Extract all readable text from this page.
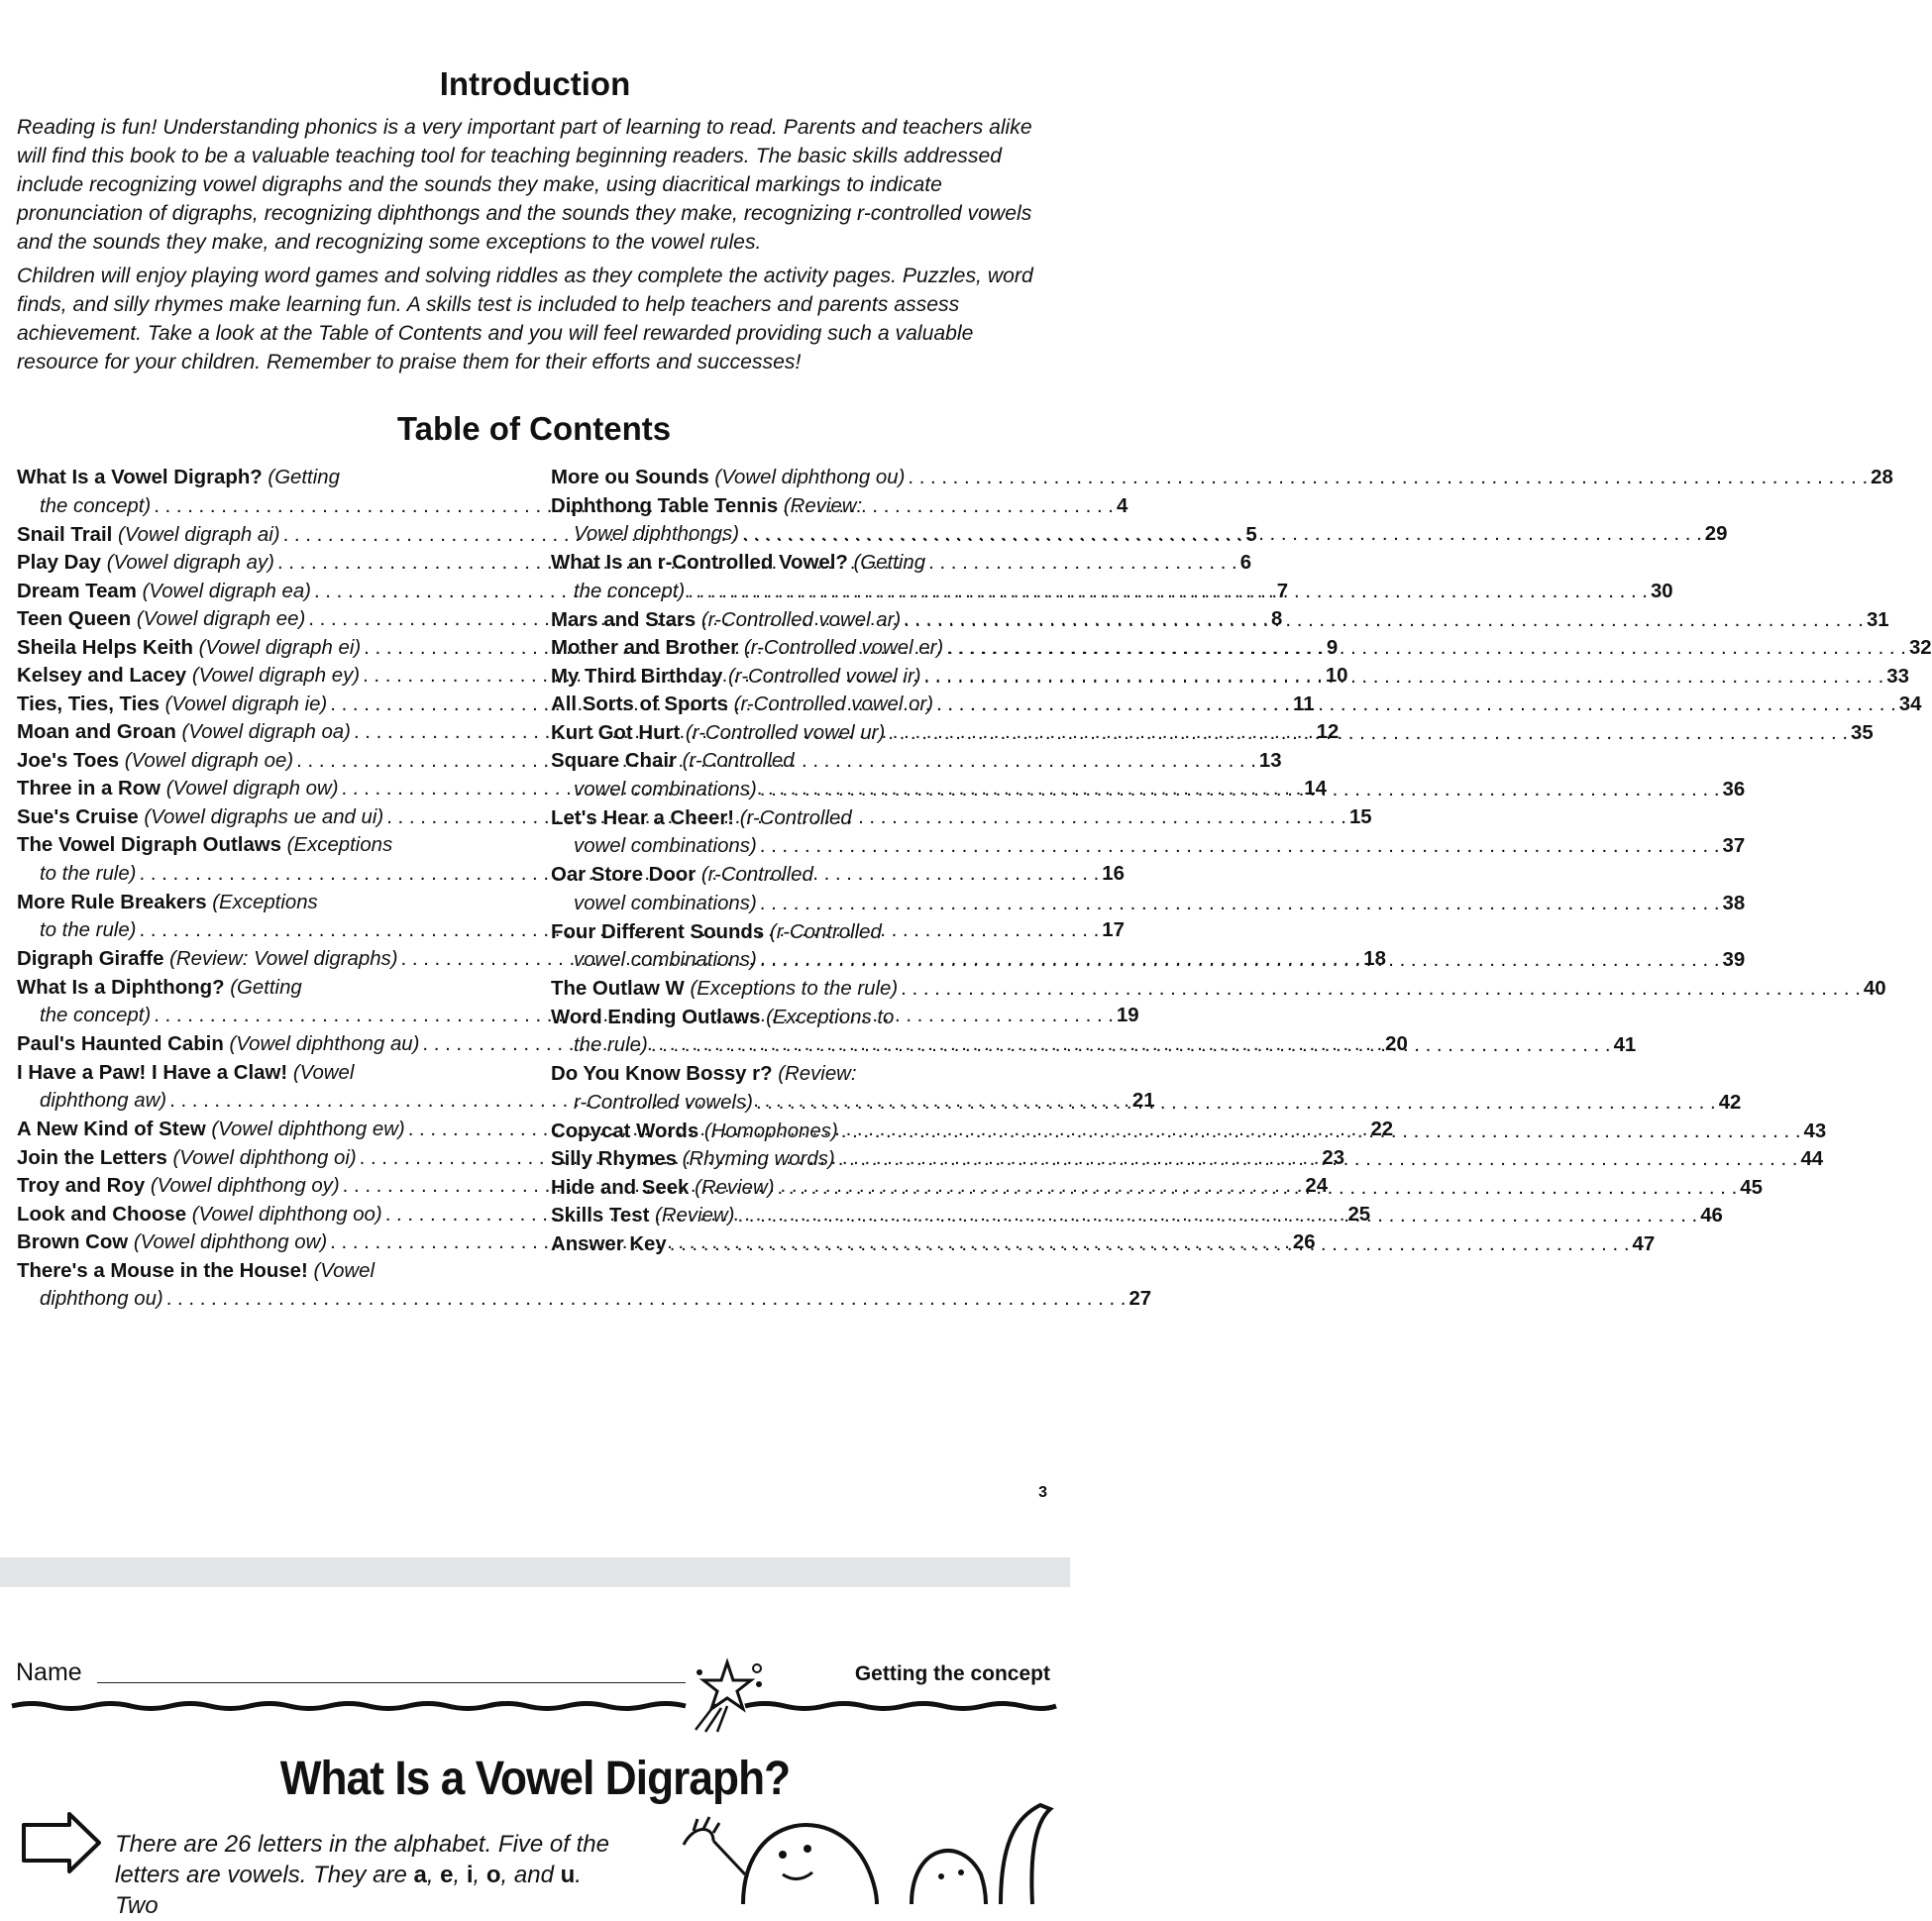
Introduction

Reading is fun! Understanding phonics is a very important part of learning to read. Parents and teachers alike will find this book to be a valuable teaching tool for teaching beginning readers. The basic skills addressed include recognizing vowel digraphs and the sounds they make, using diacritical markings to indicate pronunciation of digraphs, recognizing diphthongs and the sounds they make, recognizing r-controlled vowels and the sounds they make, and recognizing some exceptions to the vowel rules.

Children will enjoy playing word games and solving riddles as they complete the activity pages. Puzzles, word finds, and silly rhymes make learning fun. A skills test is included to help teachers and parents assess achievement. Take a look at the Table of Contents and you will feel rewarded providing such a valuable resource for your children. Remember to praise them for their efforts and successes!

Table of Contents
What Is a Vowel Digraph? (Getting
the concept) . . .	4
Snail Trail
(Vowel digraph ai) . . .	5
Play Day
(Vowel digraph ay) . . .	6
Dream Team
(Vowel digraph ea) . . .	7
Teen Queen
(Vowel digraph ee) . . .	8
Sheila Helps Keith
(Vowel digraph ei) . . .	9
Kelsey and Lacey
(Vowel digraph ey) . . .	10
Ties, Ties, Ties
(Vowel digraph ie) . . .	11
Moan and Groan
(Vowel digraph oa) . . .	12
Joe's Toes
(Vowel digraph oe) . . .	13
Three in a Row
(Vowel digraph ow) . . .	14
Sue's Cruise
(Vowel digraphs ue and ui) . . .	15
The Vowel Digraph Outlaws (Exceptions
to the rule) . . .	16
More Rule Breakers (Exceptions
to the rule) . . .	17
Digraph Giraffe
(Review: Vowel digraphs) . . .	18
What Is a Diphthong? (Getting
the concept) . . .	19
Paul's Haunted Cabin
(Vowel diphthong au) . . .	20
I Have a Paw! I Have a Claw! (Vowel
diphthong aw) . . .	21
A New Kind of Stew
(Vowel diphthong ew) . . .	22
Join the Letters
(Vowel diphthong oi) . . .	23
Troy and Roy
(Vowel diphthong oy) . . .	24
Look and Choose
(Vowel diphthong oo) . . .	25
Brown Cow
(Vowel diphthong ow) . . .	26
There's a Mouse in the House! (Vowel
diphthong ou) . . .	27
More ou Sounds
(Vowel diphthong ou) . . .	28
Diphthong Table Tennis (Review:
Vowel diphthongs) . . .	29
What Is an r-Controlled Vowel? (Getting
the concept) . . .	30
Mars and Stars
(r-Controlled vowel ar) . . .	31
Mother and Brother
(r-Controlled vowel er) . . .	32
My Third Birthday
(r-Controlled vowel ir) . . .	33
All Sorts of Sports
(r-Controlled vowel or) . . .	34
Kurt Got Hurt
(r-Controlled vowel ur) . . .	35
Square Chair (r-Controlled
vowel combinations) . . .	36
Let's Hear a Cheer! (r-Controlled
vowel combinations) . . .	37
Oar Store Door (r-Controlled
vowel combinations) . . .	38
Four Different Sounds (r-Controlled
vowel combinations) . . .	39
The Outlaw W
(Exceptions to the rule) . . .	40
Word Ending Outlaws (Exceptions to
the rule) . . .	41
Do You Know Bossy r? (Review:
r-Controlled vowels) . . .	42
Copycat Words
(Homophones) . . .	43
Silly Rhymes
(Rhyming words) . . .	44
Hide and Seek
(Review) . . .	45
Skills Test
(Review) . . .	46
Answer Key . . .	47

3

Name	Getting the concept

What Is a Vowel Digraph?

There are 26 letters in the alphabet. Five of the letters are vowels. They are a, e, i, o, and u. Two
